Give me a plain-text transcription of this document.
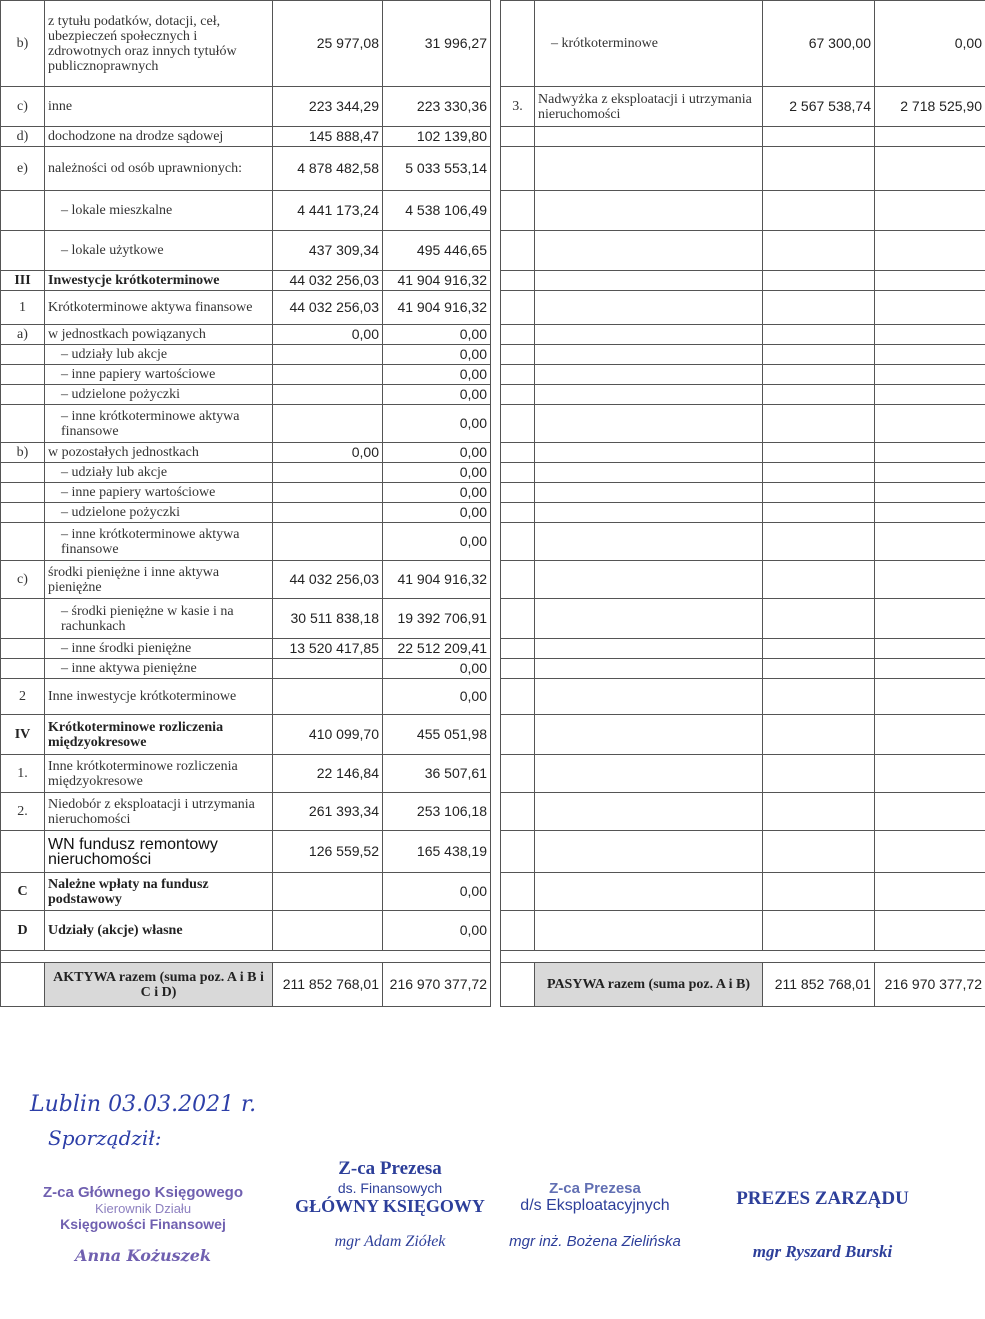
b)	z tytułu podatków, dotacji, ceł, ubezpieczeń społecznych i zdrowotnych oraz innych tytułów publicznoprawnych	25 977,08	31 996,27
c)	inne	223 344,29	223 330,36
d)	dochodzone na drodze sądowej	145 888,47	102 139,80
e)	należności od osób uprawnionych:	4 878 482,58	5 033 553,14
	– lokale mieszkalne	4 441 173,24	4 538 106,49
	– lokale użytkowe	437 309,34	495 446,65
III	Inwestycje krótkoterminowe	44 032 256,03	41 904 916,32
1	Krótkoterminowe aktywa finansowe	44 032 256,03	41 904 916,32
a)	w jednostkach powiązanych	0,00	0,00
	– udziały lub akcje		0,00
	– inne papiery wartościowe		0,00
	– udzielone pożyczki		0,00
	– inne krótkoterminowe aktywa finansowe		0,00
b)	w pozostałych jednostkach	0,00	0,00
	– udziały lub akcje		0,00
	– inne papiery wartościowe		0,00
	– udzielone pożyczki		0,00
	– inne krótkoterminowe aktywa finansowe		0,00
c)	środki pieniężne i inne aktywa pieniężne	44 032 256,03	41 904 916,32
	– środki pieniężne w kasie i na rachunkach	30 511 838,18	19 392 706,91
	– inne środki pieniężne	13 520 417,85	22 512 209,41
	– inne aktywa pieniężne		0,00
2	Inne inwestycje krótkoterminowe		0,00
IV	Krótkoterminowe rozliczenia międzyokresowe	410 099,70	455 051,98
1.	Inne krótkoterminowe rozliczenia międzyokresowe	22 146,84	36 507,61
2.	Niedobór z eksploatacji i utrzymania nieruchomości	261 393,34	253 106,18
	WN fundusz remontowy nieruchomości	126 559,52	165 438,19
C	Należne wpłaty na fundusz podstawowy		0,00
D	Udziały (akcje) własne		0,00

	AKTYWA razem (suma poz. A i B i C i D)	211 852 768,01	216 970 377,72
	– krótkoterminowe	67 300,00	0,00
3.	Nadwyżka z eksploatacji i utrzymania nieruchomości	2 567 538,74	2 718 525,90

	PASYWA razem (suma poz. A i B)	211 852 768,01	216 970 377,72
Lublin 03.03.2021 r.
Sporządził:
Z-ca Głównego Księgowego
Kierownik Działu
Księgowości Finansowej
Anna Kożuszek
Z-ca Prezesa
ds. Finansowych
GŁÓWNY KSIĘGOWY
mgr Adam Ziółek
Z-ca Prezesa
d/s Eksploatacyjnych
mgr inż. Bożena Zielińska
PREZES ZARZĄDU
mgr Ryszard Burski
